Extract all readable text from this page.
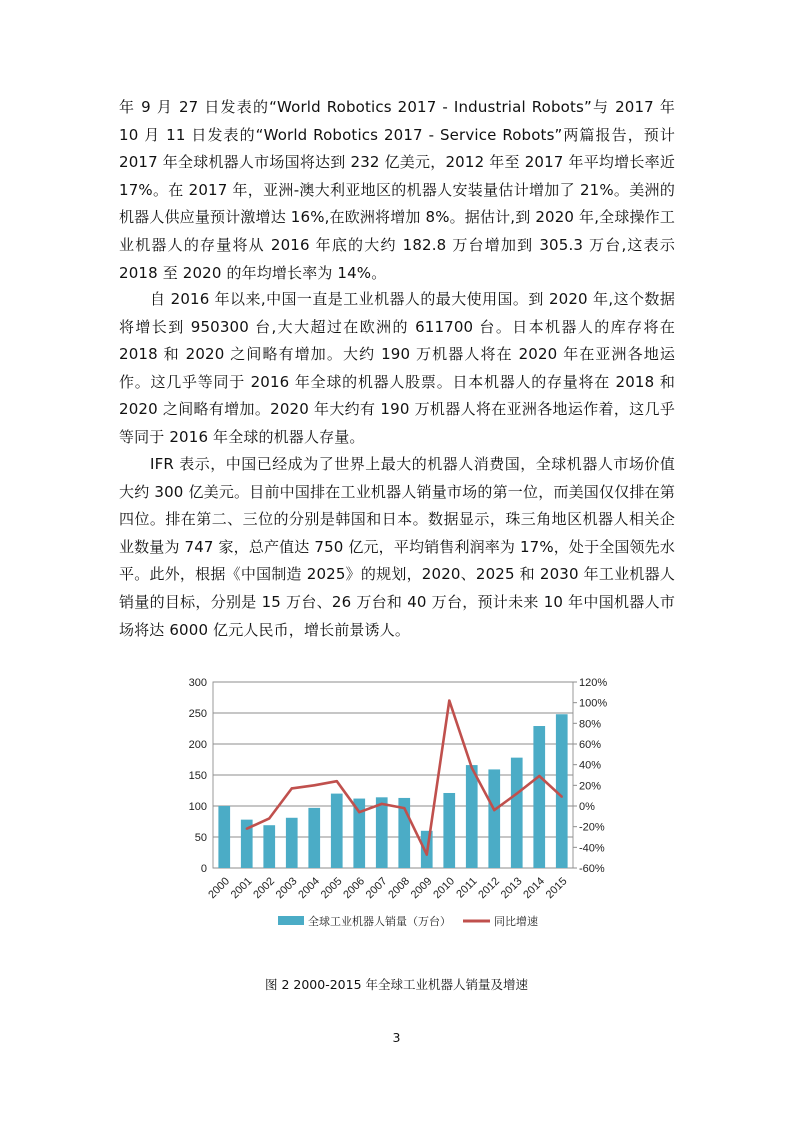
年 9 月 27 日发表的“World Robotics 2017 - Industrial Robots”与 2017 年 10 月 11 日发表的“World Robotics 2017 - Service Robots”两篇报告，预计 2017 年全球机器人市场国将达到 232 亿美元，2012 年至 2017 年平均增长率近 17%。在 2017 年，亚洲-澳大利亚地区的机器人安装量估计增加了 21%。美洲的机器人供应量预计激增达 16%,在欧洲将增加 8%。据估计,到 2020 年,全球操作工业机器人的存量将从 2016 年底的大约 182.8 万台增加到 305.3 万台,这表示 2018 至 2020 的年均增长率为 14%。

自 2016 年以来,中国一直是工业机器人的最大使用国。到 2020 年,这个数据将增长到 950300 台,大大超过在欧洲的 611700 台。日本机器人的库存将在 2018 和 2020 之间略有增加。大约 190 万机器人将在 2020 年在亚洲各地运作。这几乎等同于 2016 年全球的机器人股票。日本机器人的存量将在 2018 和 2020 之间略有增加。2020 年大约有 190 万机器人将在亚洲各地运作着，这几乎等同于 2016 年全球的机器人存量。

IFR 表示，中国已经成为了世界上最大的机器人消费国，全球机器人市场价值大约 300 亿美元。目前中国排在工业机器人销量市场的第一位，而美国仅仅排在第四位。排在第二、三位的分别是韩国和日本。数据显示，珠三角地区机器人相关企业数量为 747 家，总产值达 750 亿元，平均销售利润率为 17%，处于全国领先水平。此外，根据《中国制造 2025》的规划，2020、2025 和 2030 年工业机器人销量的目标，分别是 15 万台、26 万台和 40 万台，预计未来 10 年中国机器人市场将达 6000 亿元人民币，增长前景诱人。

0
50
100
150
200
250
300
-60%
-40%
-20%
0%
20%
40%
60%
80%
100%
120%
2000
2001
2002
2003
2004
2005
2006
2007
2008
2009
2010
2011
2012
2013
2014
2015
全球工业机器人销量（万台）	同比增速
图 2 2000-2015 年全球工业机器人销量及增速
3
